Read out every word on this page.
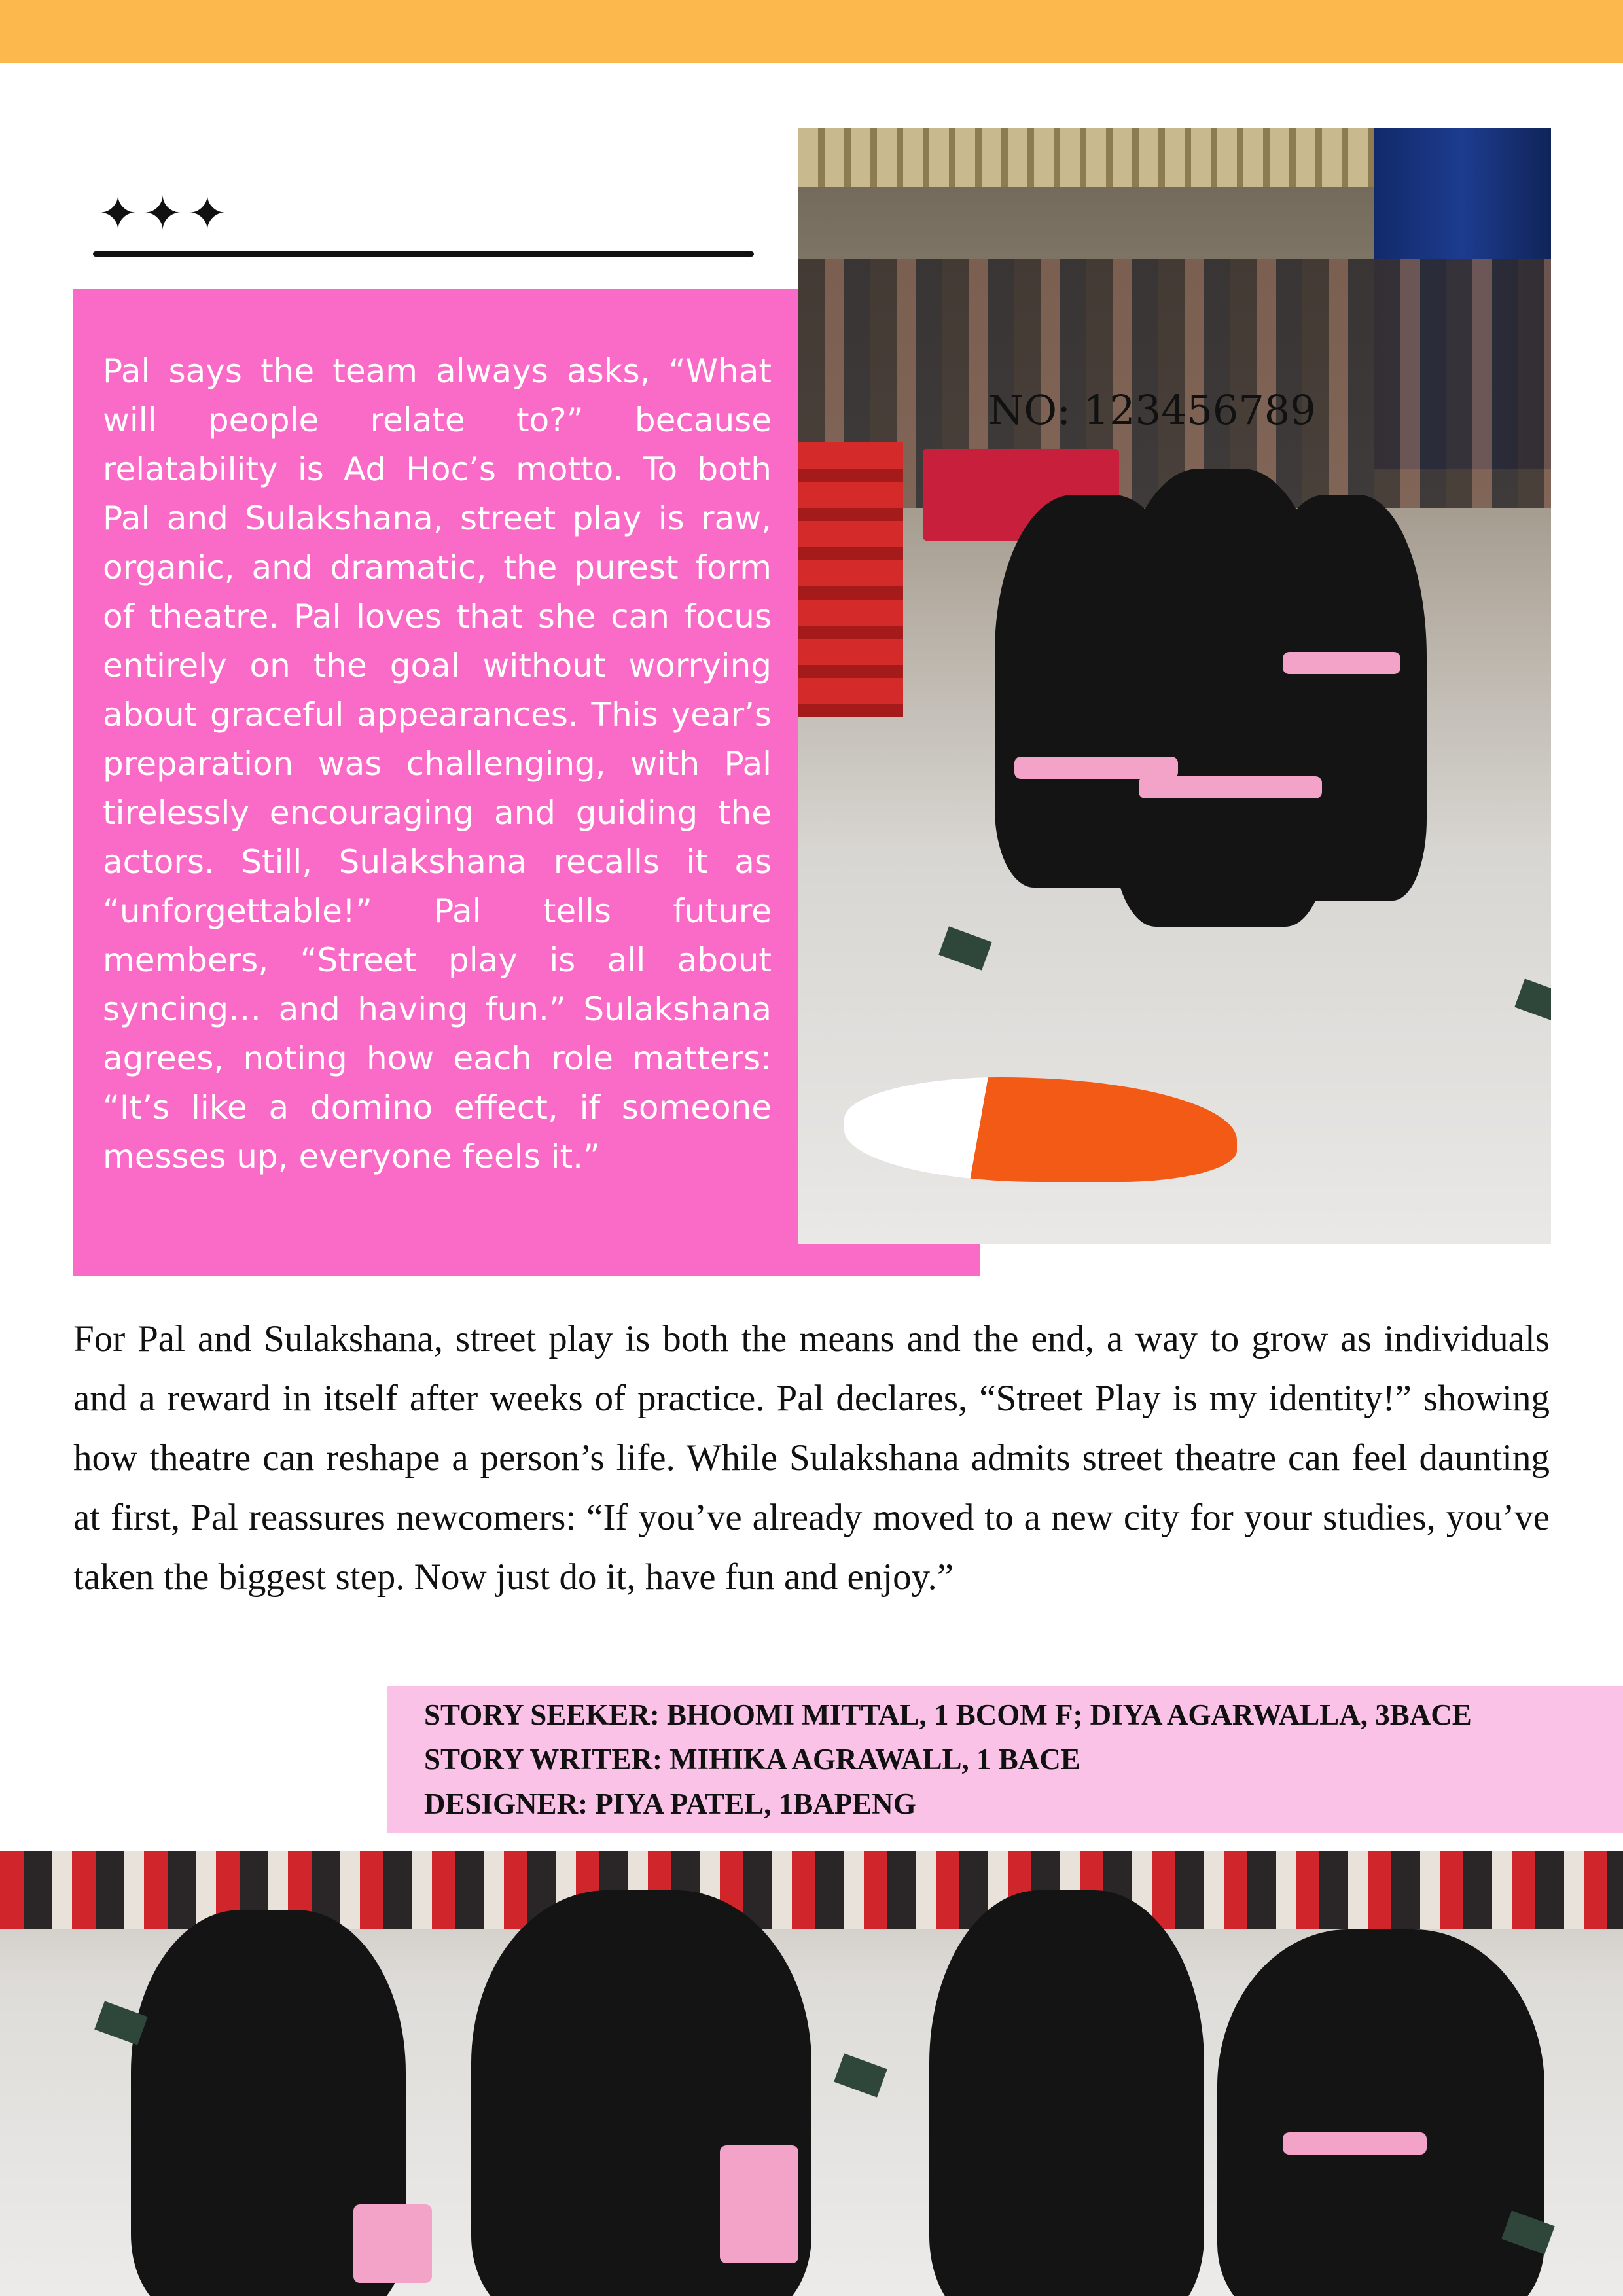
✦✦✦

Pal says the team always asks, “What will people relate to?” because relatability is Ad Hoc’s motto. To both Pal and Sulakshana, street play is raw, organic, and dramatic, the purest form of theatre. Pal loves that she can focus entirely on the goal without worrying about graceful appearances. This year’s preparation was challenging, with Pal tirelessly encouraging and guiding the actors. Still, Sulakshana recalls it as “unforgettable!” Pal tells future members, “Street play is all about syncing… and having fun.” Sulakshana agrees, noting how each role matters: “It’s like a domino effect, if someone messes up, everyone feels it.”

NO: 123456789

For Pal and Sulakshana, street play is both the means and the end, a way to grow as individuals and a reward in itself after weeks of practice. Pal declares, “Street Play is my identity!” showing how theatre can reshape a person’s life. While Sulakshana admits street theatre can feel daunting at first, Pal reassures newcomers: “If you’ve already moved to a new city for your studies, you’ve taken the biggest step. Now just do it, have fun and enjoy.”

STORY SEEKER: BHOOMI MITTAL, 1 BCOM F; DIYA AGARWALLA, 3BACE
STORY WRITER: MIHIKA AGRAWALL, 1 BACE
DESIGNER: PIYA PATEL, 1BAPENG
